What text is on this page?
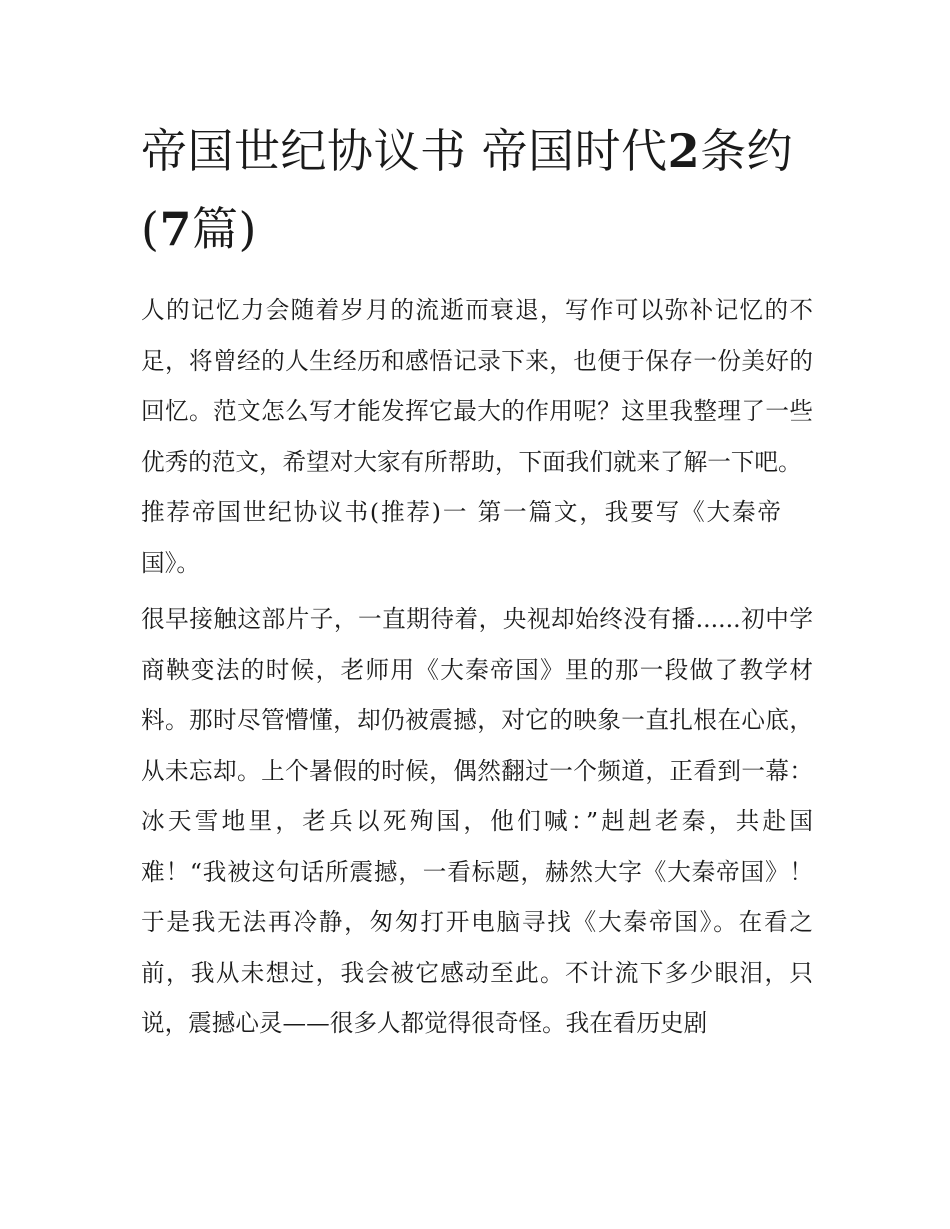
帝国世纪协议书 帝国时代2条约(7篇)

人的记忆力会随着岁月的流逝而衰退，写作可以弥补记忆的不足，将曾经的人生经历和感悟记录下来，也便于保存一份美好的回忆。范文怎么写才能发挥它最大的作用呢？这里我整理了一些优秀的范文，希望对大家有所帮助，下面我们就来了解一下吧。

推荐帝国世纪协议书(推荐)一 第一篇文，我要写《大秦帝国》。

很早接触这部片子，一直期待着，央视却始终没有播......初中学商鞅变法的时候，老师用《大秦帝国》里的那一段做了教学材料。那时尽管懵懂，却仍被震撼，对它的映象一直扎根在心底，从未忘却。上个暑假的时候，偶然翻过一个频道，正看到一幕：冰天雪地里，老兵以死殉国，他们喊：”赳赳老秦，共赴国难！“我被这句话所震撼，一看标题，赫然大字《大秦帝国》！于是我无法再冷静，匆匆打开电脑寻找《大秦帝国》。在看之前，我从未想过，我会被它感动至此。不计流下多少眼泪，只说，震撼心灵——很多人都觉得很奇怪。我在看历史剧
